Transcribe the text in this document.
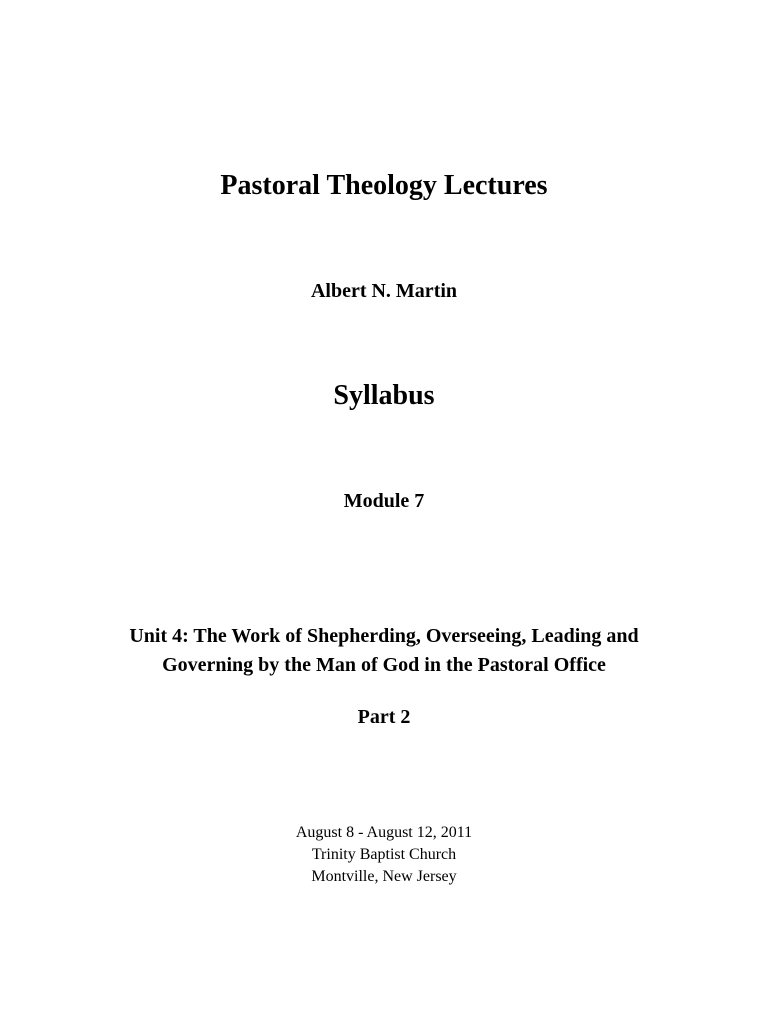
Pastoral Theology Lectures
Albert N. Martin
Syllabus
Module 7
Unit 4: The Work of Shepherding, Overseeing, Leading and
Governing by the Man of God in the Pastoral Office
Part 2
August 8 - August 12, 2011
Trinity Baptist Church
Montville, New Jersey
